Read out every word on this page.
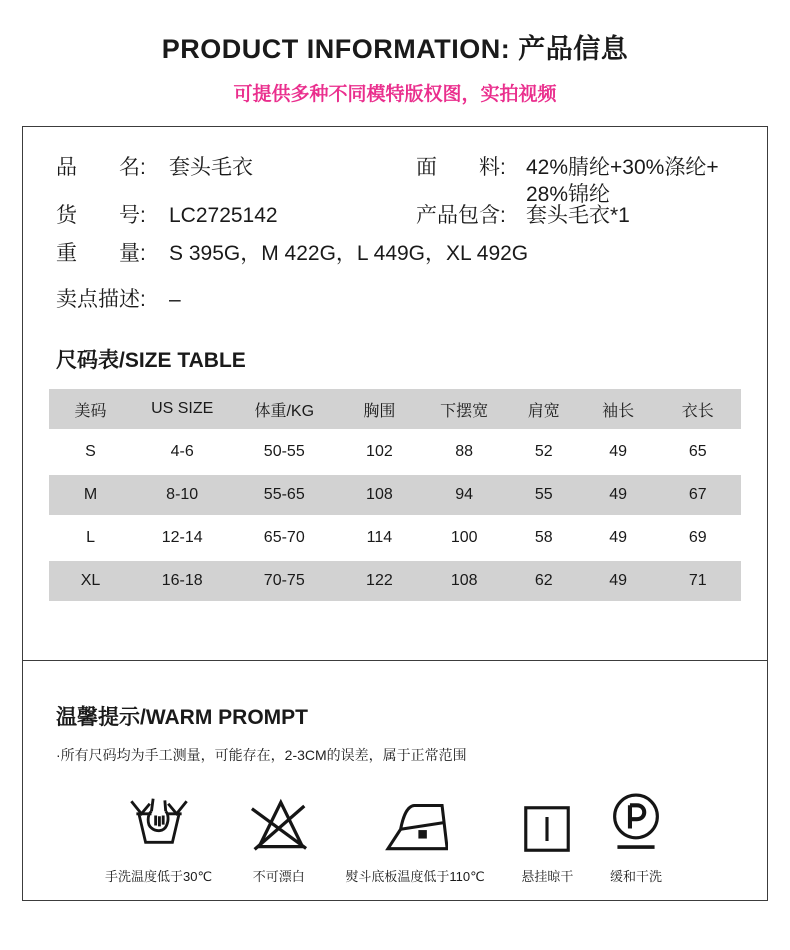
PRODUCT INFORMATION: 产品信息
可提供多种不同模特版权图，实拍视频
品　　名:	套头毛衣	面　　料: 42%腈纶+30%涤纶+
28%锦纶
货　　号:	LC2725142	产品包含: 套头毛衣*1
重　　量:	S 395G，M 422G，L 449G，XL 492G
卖点描述:	–
尺码表/SIZE TABLE
美码	US SIZE	体重/KG	胸围	下摆宽	肩宽	袖长	衣长
S	4-6	50-55	102	88	52	49	65
M	8-10	55-65	108	94	55	49	67
L	12-14	65-70	114	100	58	49	69
XL	16-18	70-75	122	108	62	49	71
温馨提示/WARM PROMPT
·所有尺码均为手工测量，可能存在，2-3CM的误差，属于正常范围
手洗温度低于30℃	不可漂白	熨斗底板温度低于110℃	悬挂晾干	缓和干洗
